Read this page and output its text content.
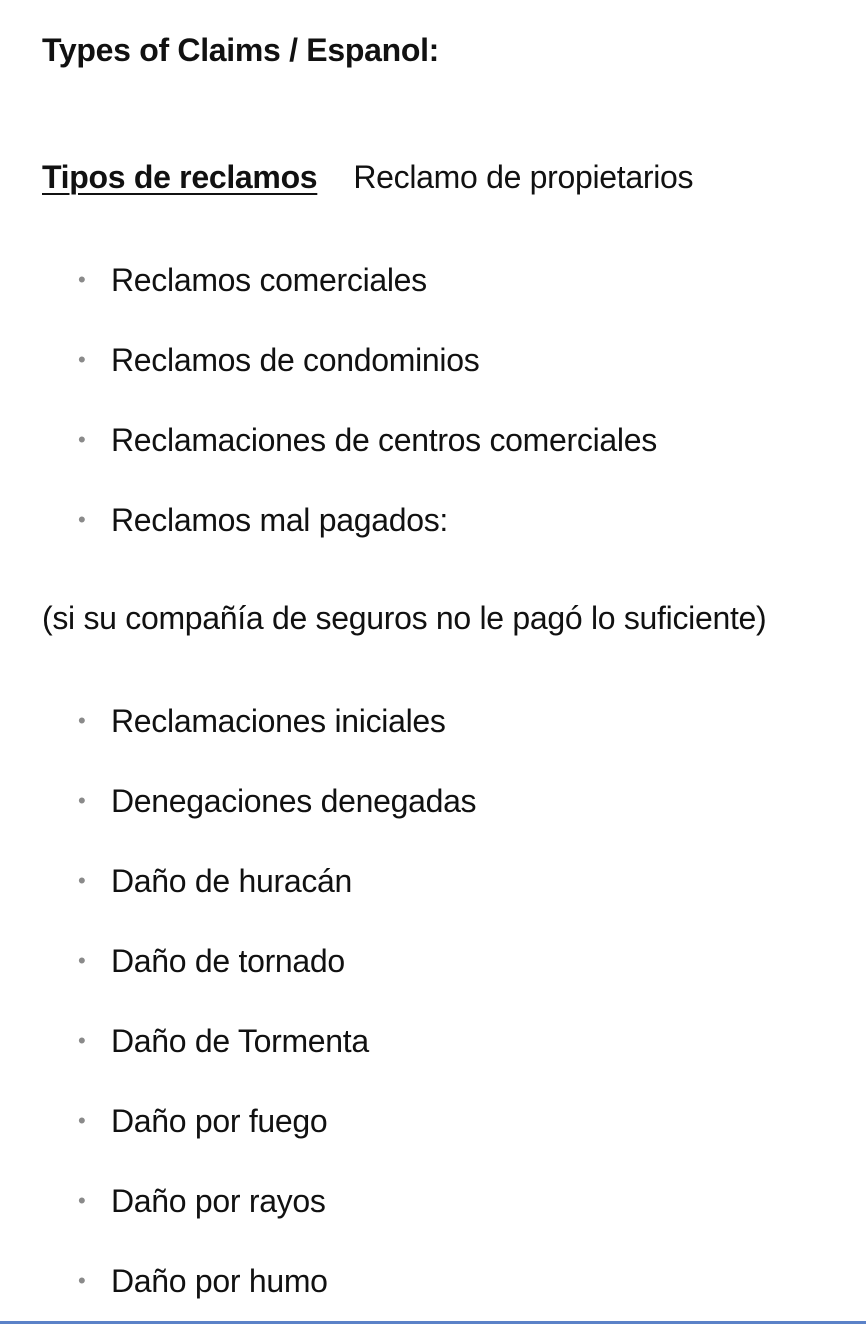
Types of Claims / Espanol:
Tipos de reclamos Reclamo de propietarios
• Reclamos comerciales
• Reclamos de condominios
• Reclamaciones de centros comerciales
• Reclamos mal pagados:
(si su compañía de seguros no le pagó lo suficiente)
• Reclamaciones iniciales
• Denegaciones denegadas
• Daño de huracán
• Daño de tornado
• Daño de Tormenta
• Daño por fuego
• Daño por rayos
• Daño por humo
